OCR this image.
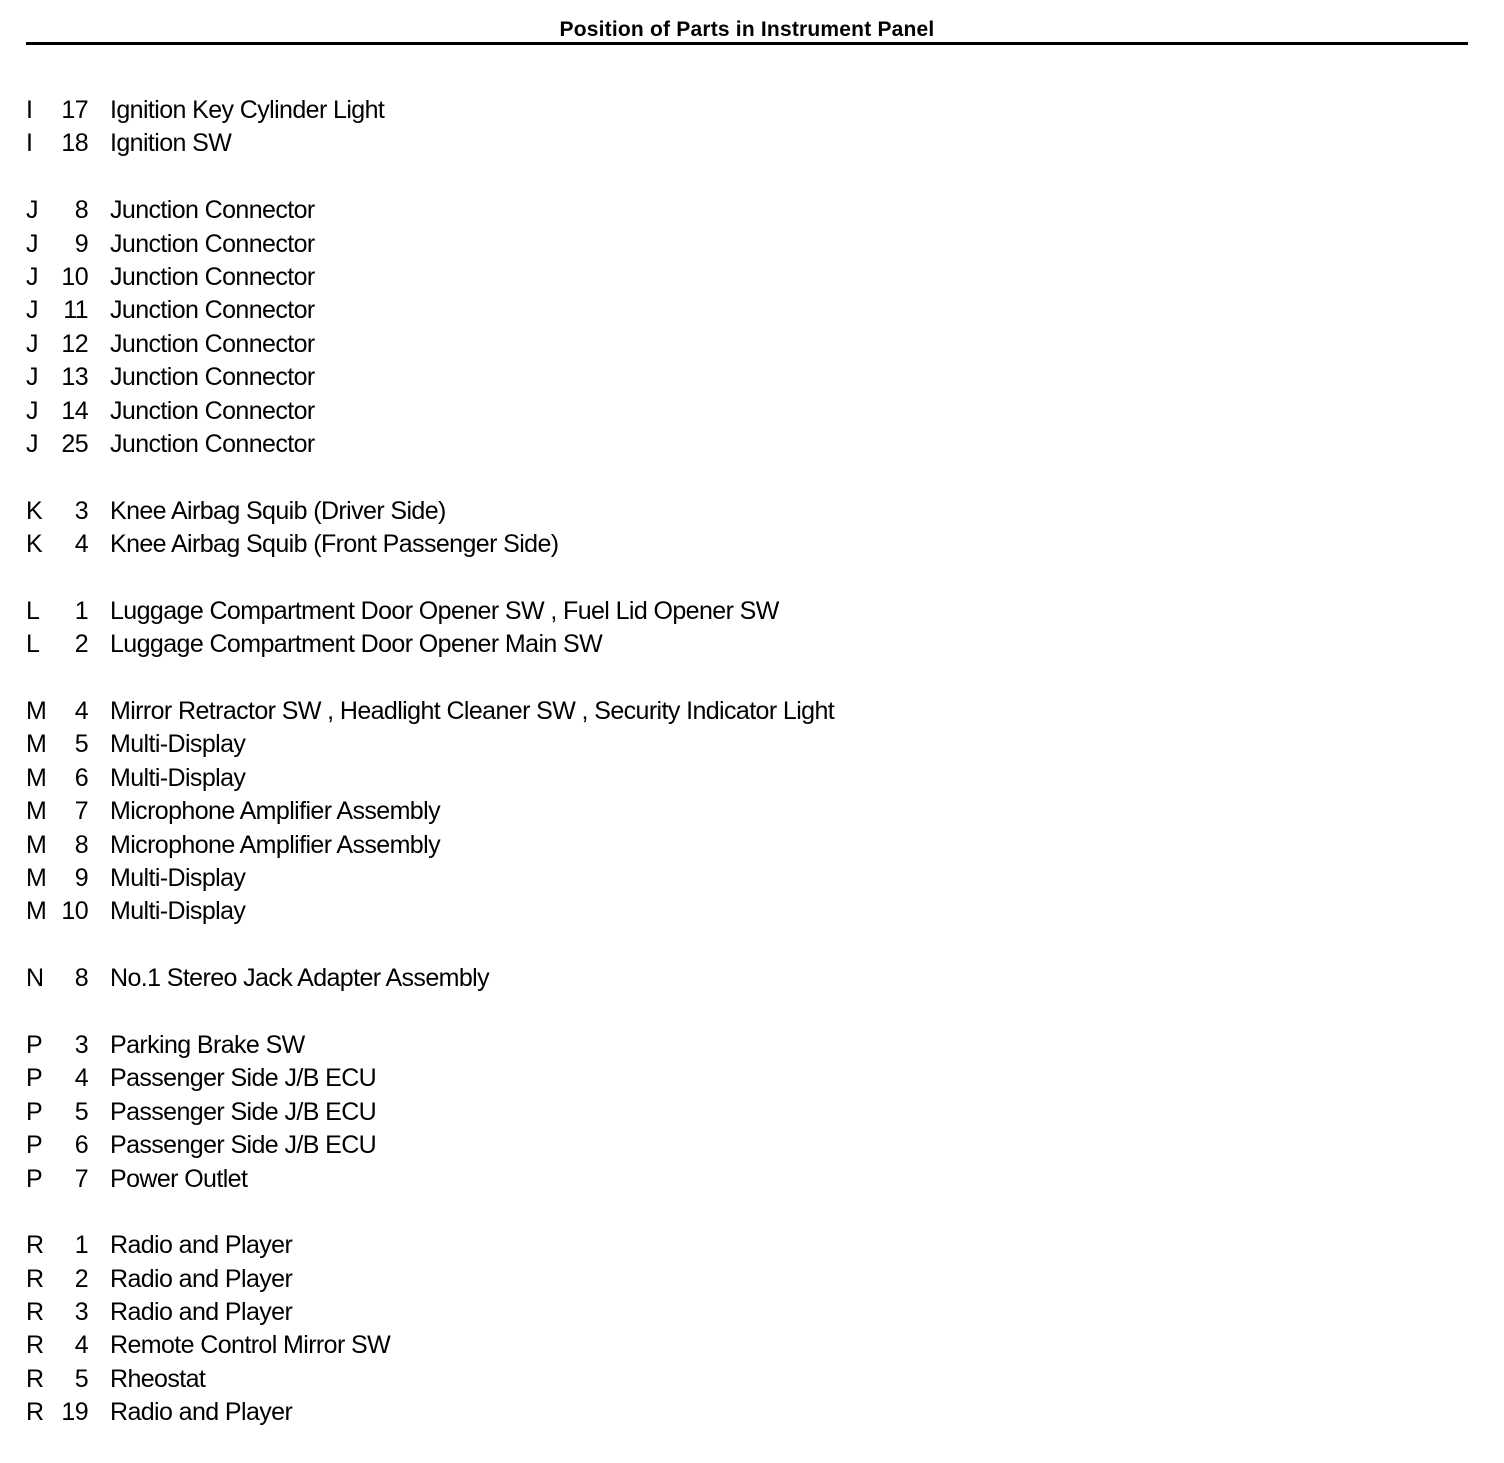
Position of Parts in Instrument Panel
I	17 Ignition Key Cylinder Light
I	18 Ignition SW
J	8 Junction Connector
J	9 Junction Connector
J 10 Junction Connector
J	11 Junction Connector
J 12 Junction Connector
J 13 Junction Connector
J 14 Junction Connector
J 25 Junction Connector
K	3 Knee Airbag Squib (Driver Side)
K	4 Knee Airbag Squib (Front Passenger Side)
L	1 Luggage Compartment Door Opener SW , Fuel Lid Opener SW
L	2 Luggage Compartment Door Opener Main SW
M	4 Mirror Retractor SW , Headlight Cleaner SW , Security Indicator Light
M	5 Multi-Display
M	6 Multi-Display
M	7 Microphone Amplifier Assembly
M	8 Microphone Amplifier Assembly
M	9 Multi-Display
M 10 Multi-Display
N	8 No.1 Stereo Jack Adapter Assembly
P	3 Parking Brake SW
P	4 Passenger Side J/B ECU
P	5 Passenger Side J/B ECU
P	6 Passenger Side J/B ECU
P	7 Power Outlet
R	1 Radio and Player
R	2 Radio and Player
R	3 Radio and Player
R	4 Remote Control Mirror SW
R	5 Rheostat
R 19 Radio and Player
